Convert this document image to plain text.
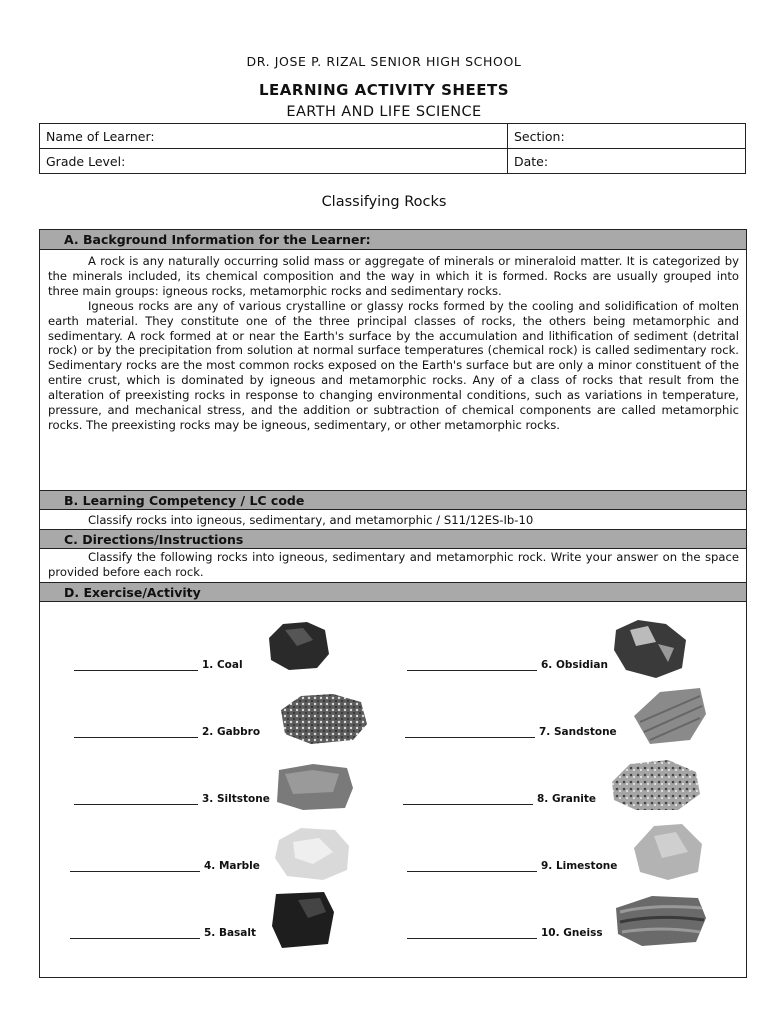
DR. JOSE P. RIZAL SENIOR HIGH SCHOOL
LEARNING ACTIVITY SHEETS
EARTH AND LIFE SCIENCE
Name of Learner:	Section:
Grade Level:	Date:
Classifying Rocks
A. Background Information for the Learner:

A rock is any naturally occurring solid mass or aggregate of minerals or mineraloid matter. It is categorized by the minerals included, its chemical composition and the way in which it is formed. Rocks are usually grouped into three main groups: igneous rocks, metamorphic rocks and sedimentary rocks.

Igneous rocks are any of various crystalline or glassy rocks formed by the cooling and solidification of molten earth material. They constitute one of the three principal classes of rocks, the others being metamorphic and sedimentary. A rock formed at or near the Earth's surface by the accumulation and lithification of sediment (detrital rock) or by the precipitation from solution at normal surface temperatures (chemical rock) is called sedimentary rock. Sedimentary rocks are the most common rocks exposed on the Earth's surface but are only a minor constituent of the entire crust, which is dominated by igneous and metamorphic rocks. Any of a class of rocks that result from the alteration of preexisting rocks in response to changing environmental conditions, such as variations in temperature, pressure, and mechanical stress, and the addition or subtraction of chemical components are called metamorphic rocks. The preexisting rocks may be igneous, sedimentary, or other metamorphic rocks.

B. Learning Competency / LC code

Classify rocks into igneous, sedimentary, and metamorphic / S11/12ES-Ib-10

C. Directions/Instructions

Classify the following rocks into igneous, sedimentary and metamorphic rock. Write your answer on the space provided before each rock.

D. Exercise/Activity
1. Coal
2. Gabbro
3. Siltstone
4. Marble
5. Basalt
6. Obsidian
7. Sandstone
8. Granite
9. Limestone
10. Gneiss
